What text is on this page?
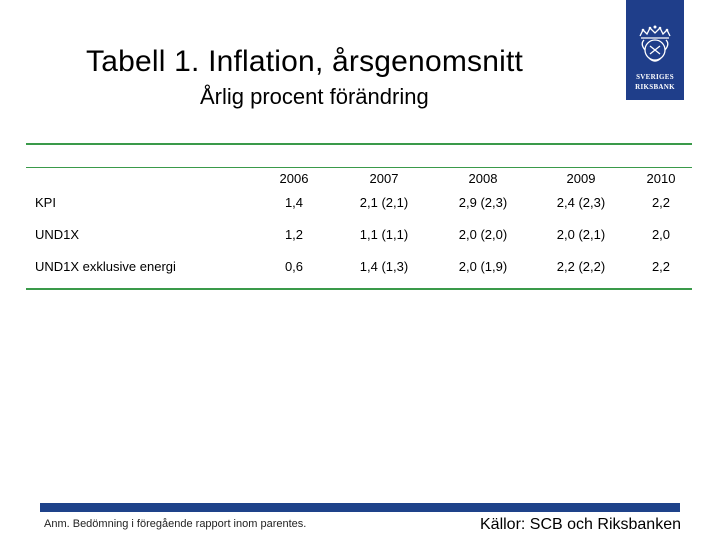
Tabell 1. Inflation, årsgenomsnitt
Årlig procent förändring
SVERIGES
RIKSBANK
	2006	2007	2008	2009	2010
KPI	1,4	2,1 (2,1)	2,9 (2,3)	2,4 (2,3)	2,2
UND1X	1,2	1,1 (1,1)	2,0 (2,0)	2,0 (2,1)	2,0
UND1X exklusive energi	0,6	1,4 (1,3)	2,0 (1,9)	2,2 (2,2)	2,2
Anm. Bedömning i föregående rapport inom parentes.	Källor: SCB och Riksbanken
